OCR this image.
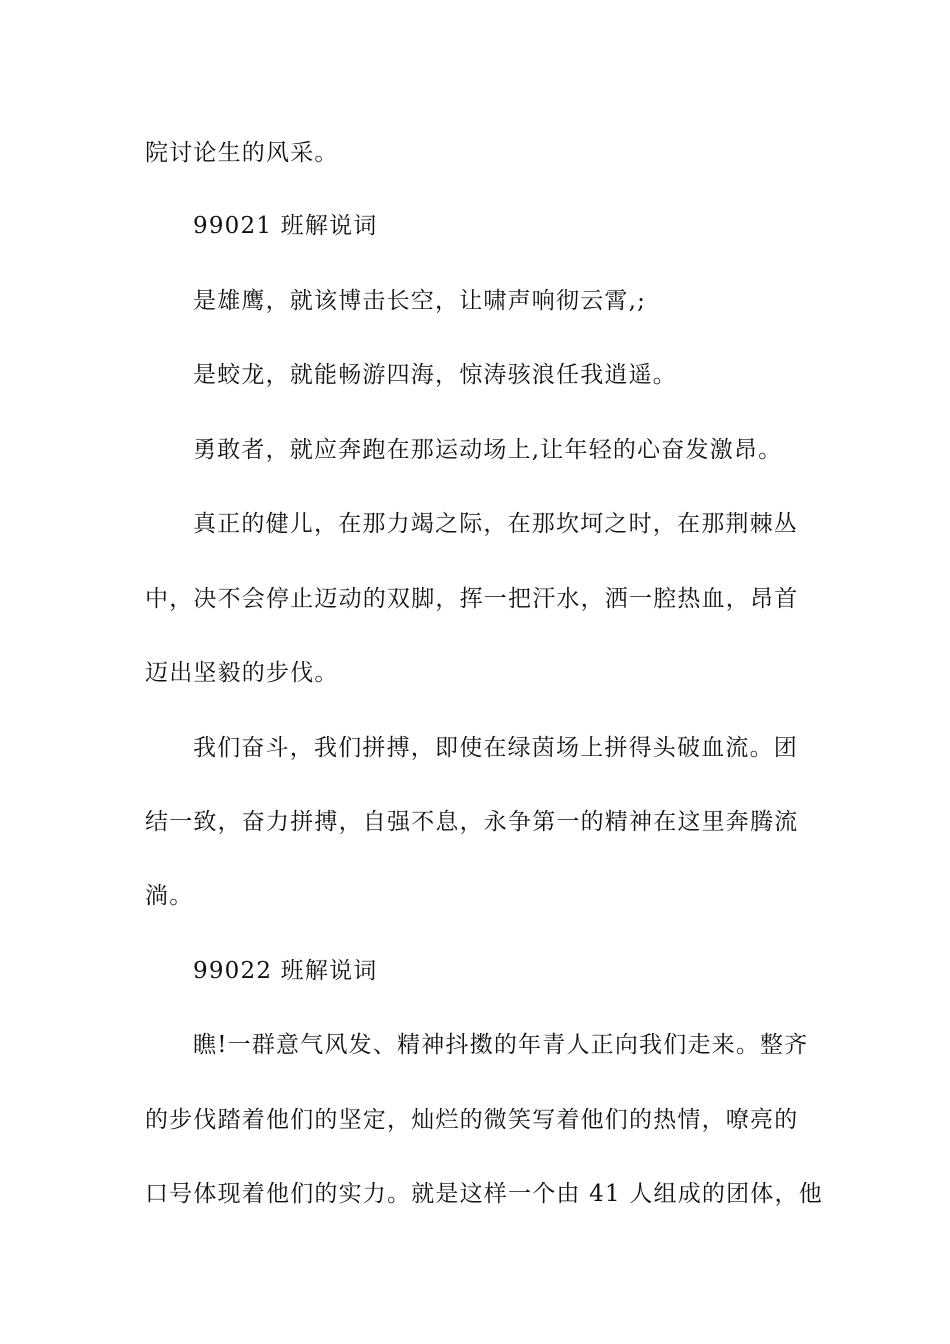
院讨论生的风采。

99021 班解说词

是雄鹰，就该博击长空，让啸声响彻云霄,;

是蛟龙，就能畅游四海，惊涛骇浪任我逍遥。

勇敢者，就应奔跑在那运动场上,让年轻的心奋发激昂。

真正的健儿，在那力竭之际，在那坎坷之时，在那荆棘丛

中，决不会停止迈动的双脚，挥一把汗水，洒一腔热血，昂首

迈出坚毅的步伐。

我们奋斗，我们拼搏，即使在绿茵场上拼得头破血流。团

结一致，奋力拼搏，自强不息，永争第一的精神在这里奔腾流

淌。

99022 班解说词

瞧!一群意气风发、精神抖擞的年青人正向我们走来。整齐

的步伐踏着他们的坚定，灿烂的微笑写着他们的热情，嘹亮的

口号体现着他们的实力。就是这样一个由 41 人组成的团体，他
